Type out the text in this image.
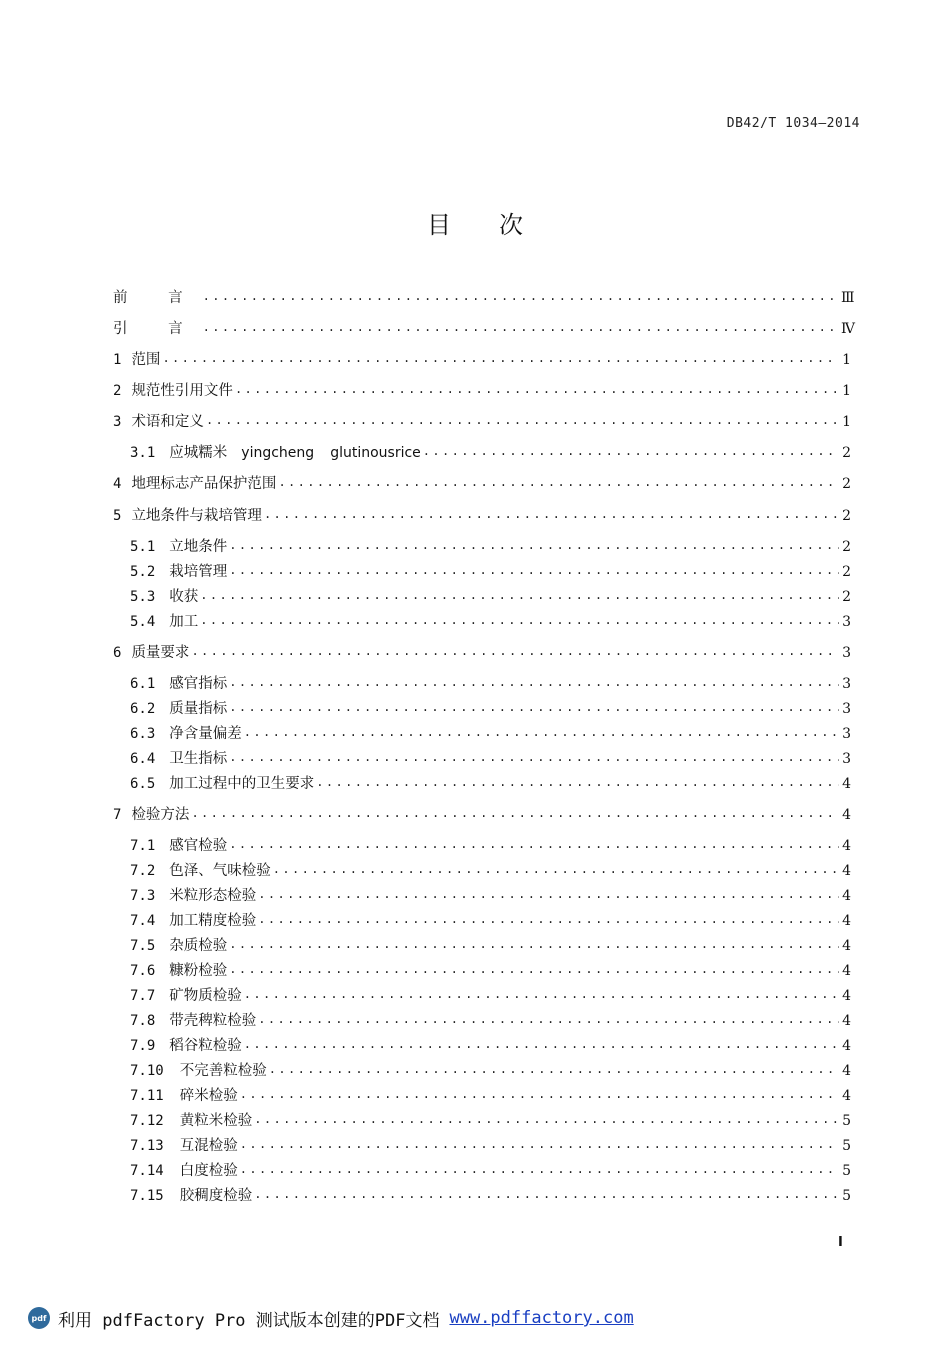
DB42/T 1034—2014
目 次
前 言 .....	Ⅲ
引 言 .....	Ⅳ
1 范围 .....	1
2 规范性引用文件 .....	1
3 术语和定义 .....	1
3.1 应城糯米 yingcheng glutinousrice .....	2
4 地理标志产品保护范围 .....	2
5 立地条件与栽培管理 .....	2
5.1 立地条件 .....	2
5.2 栽培管理 .....	2
5.3 收获 .....	2
5.4 加工 .....	3
6 质量要求 .....	3
6.1 感官指标 .....	3
6.2 质量指标 .....	3
6.3 净含量偏差 .....	3
6.4 卫生指标 .....	3
6.5 加工过程中的卫生要求 .....	4
7 检验方法 .....	4
7.1 感官检验 .....	4
7.2 色泽、气味检验 .....	4
7.3 米粒形态检验 .....	4
7.4 加工精度检验 .....	4
7.5 杂质检验 .....	4
7.6 糠粉检验 .....	4
7.7 矿物质检验 .....	4
7.8 带壳稗粒检验 .....	4
7.9 稻谷粒检验 .....	4
7.10 不完善粒检验 .....	4
7.11 碎米检验 .....	4
7.12 黄粒米检验 .....	5
7.13 互混检验 .....	5
7.14 白度检验 .....	5
7.15 胶稠度检验 .....	5
I
pdf 利用 pdfFactory Pro 测试版本创建的PDF文档 www.pdffactory.com
